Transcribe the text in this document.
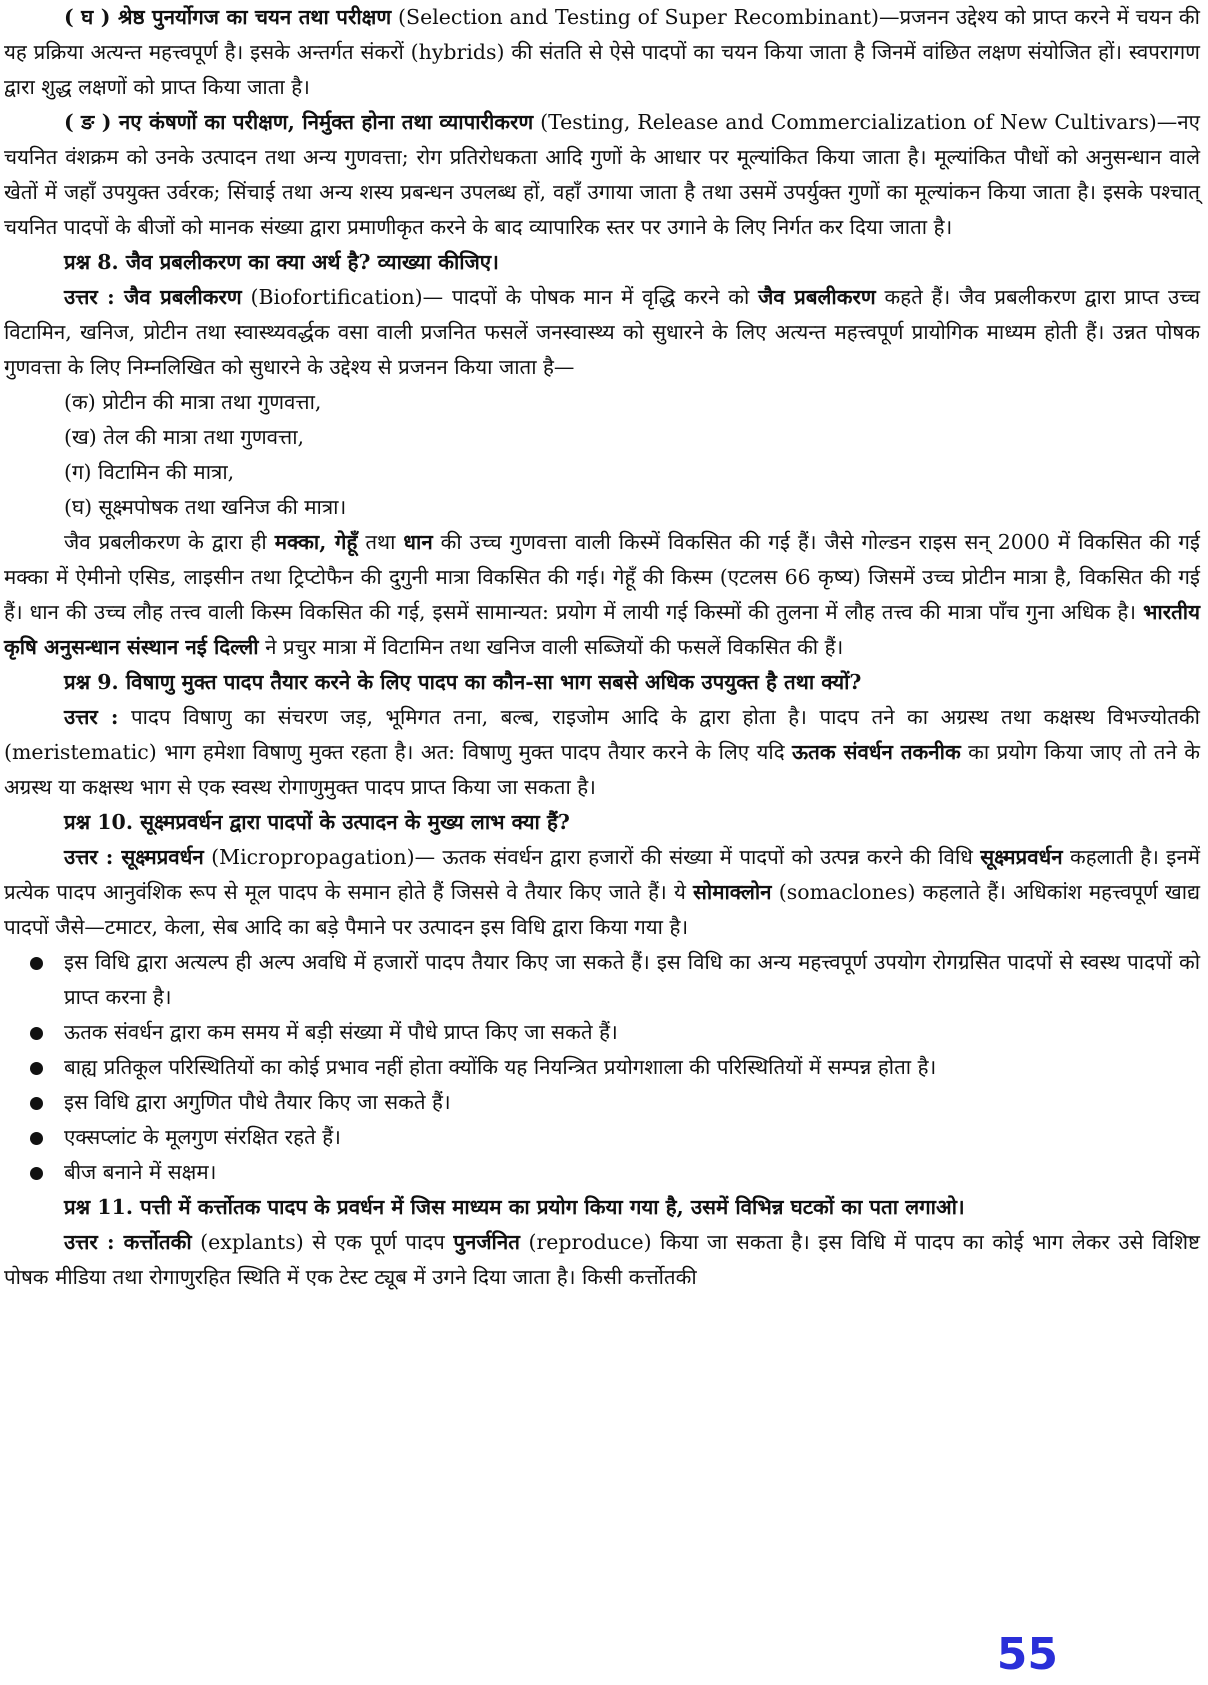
( घ ) श्रेष्ठ पुनर्योगज का चयन तथा परीक्षण (Selection and Testing of Super Recombinant)—प्रजनन उद्देश्य को प्राप्त करने में चयन की यह प्रक्रिया अत्यन्त महत्त्वपूर्ण है। इसके अन्तर्गत संकरों (hybrids) की संतति से ऐसे पादपों का चयन किया जाता है जिनमें वांछित लक्षण संयोजित हों। स्वपरागण द्वारा शुद्ध लक्षणों को प्राप्त किया जाता है।

( ङ ) नए कंषणों का परीक्षण, निर्मुक्त होना तथा व्यापारीकरण (Testing, Release and Commercialization of New Cultivars)—नए चयनित वंशक्रम को उनके उत्पादन तथा अन्य गुणवत्ता; रोग प्रतिरोधकता आदि गुणों के आधार पर मूल्यांकित किया जाता है। मूल्यांकित पौधों को अनुसन्धान वाले खेतों में जहाँ उपयुक्त उर्वरक; सिंचाई तथा अन्य शस्य प्रबन्धन उपलब्ध हों, वहाँ उगाया जाता है तथा उसमें उपर्युक्त गुणों का मूल्यांकन किया जाता है। इसके पश्चात् चयनित पादपों के बीजों को मानक संख्या द्वारा प्रमाणीकृत करने के बाद व्यापारिक स्तर पर उगाने के लिए निर्गत कर दिया जाता है।

प्रश्न 8. जैव प्रबलीकरण का क्या अर्थ है? व्याख्या कीजिए।

उत्तर : जैव प्रबलीकरण (Biofortification)— पादपों के पोषक मान में वृद्धि करने को जैव प्रबलीकरण कहते हैं। जैव प्रबलीकरण द्वारा प्राप्त उच्च विटामिन, खनिज, प्रोटीन तथा स्वास्थ्यवर्द्धक वसा वाली प्रजनित फसलें जनस्वास्थ्य को सुधारने के लिए अत्यन्त महत्त्वपूर्ण प्रायोगिक माध्यम होती हैं। उन्नत पोषक गुणवत्ता के लिए निम्नलिखित को सुधारने के उद्देश्य से प्रजनन किया जाता है—

(क) प्रोटीन की मात्रा तथा गुणवत्ता,

(ख) तेल की मात्रा तथा गुणवत्ता,

(ग) विटामिन की मात्रा,

(घ) सूक्ष्मपोषक तथा खनिज की मात्रा।

जैव प्रबलीकरण के द्वारा ही मक्का, गेहूँ तथा धान की उच्च गुणवत्ता वाली किस्में विकसित की गई हैं। जैसे गोल्डन राइस सन् 2000 में विकसित की गई मक्का में ऐमीनो एसिड, लाइसीन तथा ट्रिप्टोफैन की दुगुनी मात्रा विकसित की गई। गेहूँ की किस्म (एटलस 66 कृष्य) जिसमें उच्च प्रोटीन मात्रा है, विकसित की गई हैं। धान की उच्च लौह तत्त्व वाली किस्म विकसित की गई, इसमें सामान्यत: प्रयोग में लायी गई किस्मों की तुलना में लौह तत्त्व की मात्रा पाँच गुना अधिक है। भारतीय कृषि अनुसन्धान संस्थान नई दिल्ली ने प्रचुर मात्रा में विटामिन तथा खनिज वाली सब्जियों की फसलें विकसित की हैं।

प्रश्न 9. विषाणु मुक्त पादप तैयार करने के लिए पादप का कौन-सा भाग सबसे अधिक उपयुक्त है तथा क्यों?

उत्तर : पादप विषाणु का संचरण जड़, भूमिगत तना, बल्ब, राइजोम आदि के द्वारा होता है। पादप तने का अग्रस्थ तथा कक्षस्थ विभज्योतकी (meristematic) भाग हमेशा विषाणु मुक्त रहता है। अत: विषाणु मुक्त पादप तैयार करने के लिए यदि ऊतक संवर्धन तकनीक का प्रयोग किया जाए तो तने के अग्रस्थ या कक्षस्थ भाग से एक स्वस्थ रोगाणुमुक्त पादप प्राप्त किया जा सकता है।

प्रश्न 10. सूक्ष्मप्रवर्धन द्वारा पादपों के उत्पादन के मुख्य लाभ क्या हैं?

उत्तर : सूक्ष्मप्रवर्धन (Micropropagation)— ऊतक संवर्धन द्वारा हजारों की संख्या में पादपों को उत्पन्न करने की विधि सूक्ष्मप्रवर्धन कहलाती है। इनमें प्रत्येक पादप आनुवंशिक रूप से मूल पादप के समान होते हैं जिससे वे तैयार किए जाते हैं। ये सोमाक्लोन (somaclones) कहलाते हैं। अधिकांश महत्त्वपूर्ण खाद्य पादपों जैसे—टमाटर, केला, सेब आदि का बड़े पैमाने पर उत्पादन इस विधि द्वारा किया गया है।

इस विधि द्वारा अत्यल्प ही अल्प अवधि में हजारों पादप तैयार किए जा सकते हैं। इस विधि का अन्य महत्त्वपूर्ण उपयोग रोगग्रसित पादपों से स्वस्थ पादपों को प्राप्त करना है।
ऊतक संवर्धन द्वारा कम समय में बड़ी संख्या में पौधे प्राप्त किए जा सकते हैं।
बाह्य प्रतिकूल परिस्थितियों का कोई प्रभाव नहीं होता क्योंकि यह नियन्त्रित प्रयोगशाला की परिस्थितियों में सम्पन्न होता है।
इस विधि द्वारा अगुणित पौधे तैयार किए जा सकते हैं।
एक्सप्लांट के मूलगुण संरक्षित रहते हैं।
बीज बनाने में सक्षम।

प्रश्न 11. पत्ती में कर्त्तोतक पादप के प्रवर्धन में जिस माध्यम का प्रयोग किया गया है, उसमें विभिन्न घटकों का पता लगाओ।

उत्तर : कर्त्तोतकी (explants) से एक पूर्ण पादप पुनर्जनित (reproduce) किया जा सकता है। इस विधि में पादप का कोई भाग लेकर उसे विशिष्ट पोषक मीडिया तथा रोगाणुरहित स्थिति में एक टेस्ट ट्यूब में उगने दिया जाता है। किसी कर्त्तोतकी

55
